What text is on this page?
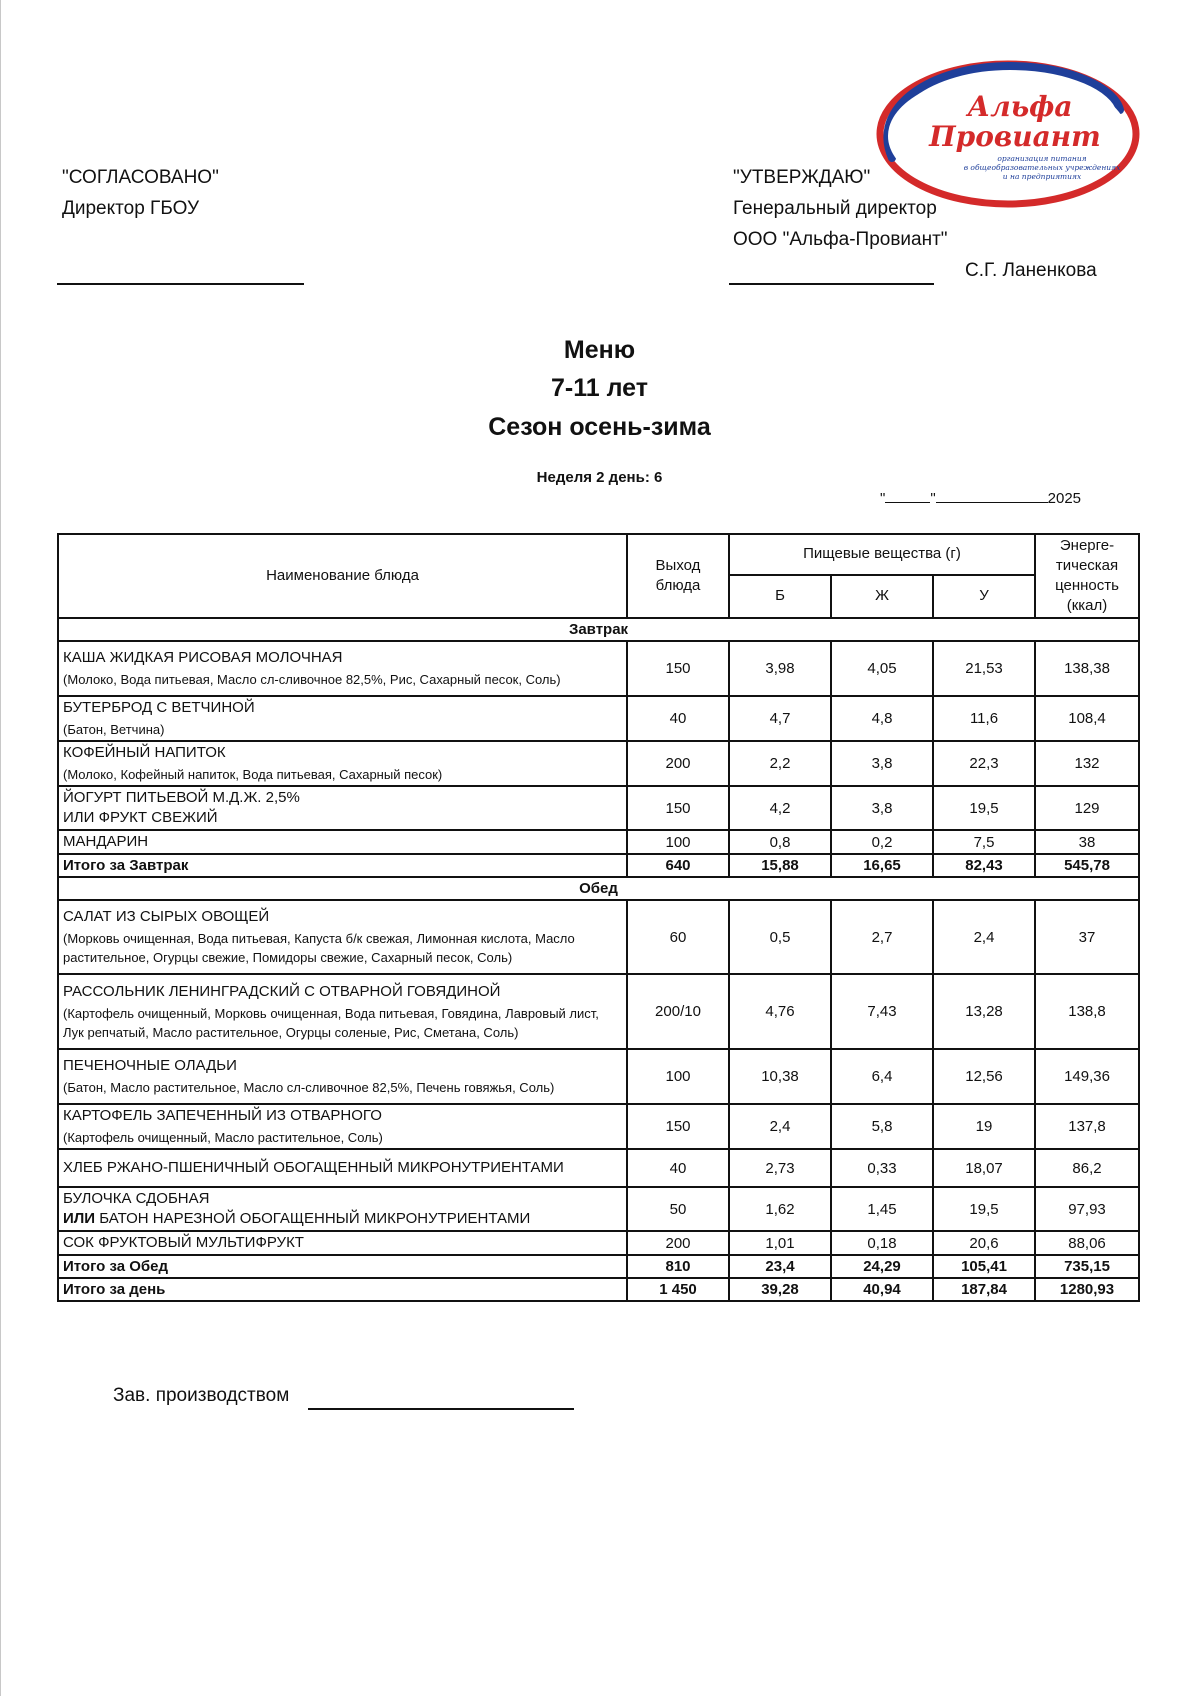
"СОГЛАСОВАНО"
Директор ГБОУ
"УТВЕРЖДАЮ"
Генеральный директор
ООО "Альфа-Провиант"
С.Г. Ланенкова
Альфа
Провиант
организация питания
в общеобразовательных учреждениях
и на предприятиях
Меню
7-11 лет
Сезон осень-зима
Неделя 2 день: 6
"	"	2025
Наименование блюда	Выход блюда	Пищевые вещества (г)			Энерге-тическая ценность (ккал)
		Б	Ж	У	
Завтрак					

КАША ЖИДКАЯ РИСОВАЯ МОЛОЧНАЯ
(Молоко, Вода питьевая, Масло сл-сливочное 82,5%, Рис, Сахарный песок, Соль)	150	3,98	4,05	21,53	138,38

БУТЕРБРОД С ВЕТЧИНОЙ
(Батон, Ветчина)	40	4,7	4,8	11,6	108,4

КОФЕЙНЫЙ НАПИТОК
(Молоко, Кофейный напиток, Вода питьевая, Сахарный песок)	200	2,2	3,8	22,3	132

ЙОГУРТ ПИТЬЕВОЙ М.Д.Ж. 2,5%
ИЛИ ФРУКТ СВЕЖИЙ	150	4,2	3,8	19,5	129

МАНДАРИН	100	0,8	0,2	7,5	38
Итого за Завтрак	640	15,88	16,65	82,43	545,78
Обед					

САЛАТ ИЗ СЫРЫХ ОВОЩЕЙ
(Морковь очищенная, Вода питьевая, Капуста б/к свежая, Лимонная кислота, Масло растительное, Огурцы свежие, Помидоры свежие, Сахарный песок, Соль)	60	0,5	2,7	2,4	37

РАССОЛЬНИК ЛЕНИНГРАДСКИЙ С ОТВАРНОЙ ГОВЯДИНОЙ
(Картофель очищенный, Морковь очищенная, Вода питьевая, Говядина, Лавровый лист, Лук репчатый, Масло растительное, Огурцы соленые, Рис, Сметана, Соль)	200/10	4,76	7,43	13,28	138,8

ПЕЧЕНОЧНЫЕ ОЛАДЬИ
(Батон, Масло растительное, Масло сл-сливочное 82,5%, Печень говяжья, Соль)	100	10,38	6,4	12,56	149,36

КАРТОФЕЛЬ ЗАПЕЧЕННЫЙ ИЗ ОТВАРНОГО
(Картофель очищенный, Масло растительное, Соль)	150	2,4	5,8	19	137,8

ХЛЕБ РЖАНО-ПШЕНИЧНЫЙ ОБОГАЩЕННЫЙ МИКРОНУТРИЕНТАМИ	40	2,73	0,33	18,07	86,2

БУЛОЧКА СДОБНАЯ
ИЛИ БАТОН НАРЕЗНОЙ ОБОГАЩЕННЫЙ МИКРОНУТРИЕНТАМИ	50	1,62	1,45	19,5	97,93

СОК ФРУКТОВЫЙ МУЛЬТИФРУКТ	200	1,01	0,18	20,6	88,06
Итого за Обед	810	23,4	24,29	105,41	735,15
Итого за день	1 450	39,28	40,94	187,84	1280,93
Зав. производством
